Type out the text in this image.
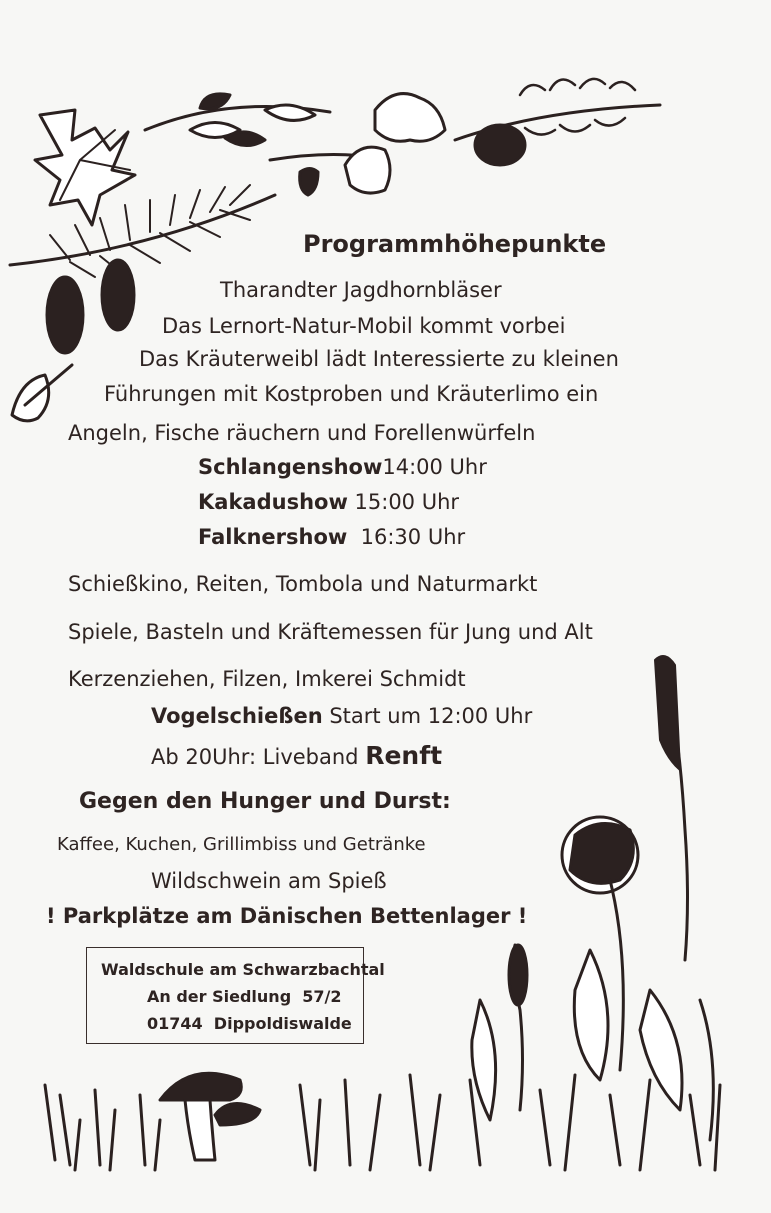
Programmhöhepunkte
Tharandter Jagdhornbläser
Das Lernort-Natur-Mobil kommt vorbei
Das Kräuterweibl lädt Interessierte zu kleinen
Führungen mit Kostproben und Kräuterlimo ein
Angeln, Fische räuchern und Forellenwürfeln
Schlangenshow14:00 Uhr
Kakadushow 15:00 Uhr
Falknershow  16:30 Uhr
Schießkino, Reiten, Tombola und Naturmarkt
Spiele, Basteln und Kräftemessen für Jung und Alt
Kerzenziehen, Filzen, Imkerei Schmidt
Vogelschießen Start um 12:00 Uhr
Ab 20Uhr: Liveband Renft
Gegen den Hunger und Durst:
Kaffee, Kuchen, Grillimbiss und Getränke
Wildschwein am Spieß
! Parkplätze am Dänischen Bettenlager !
Waldschule am Schwarzbachtal
An der Siedlung  57/2
01744  Dippoldiswalde
